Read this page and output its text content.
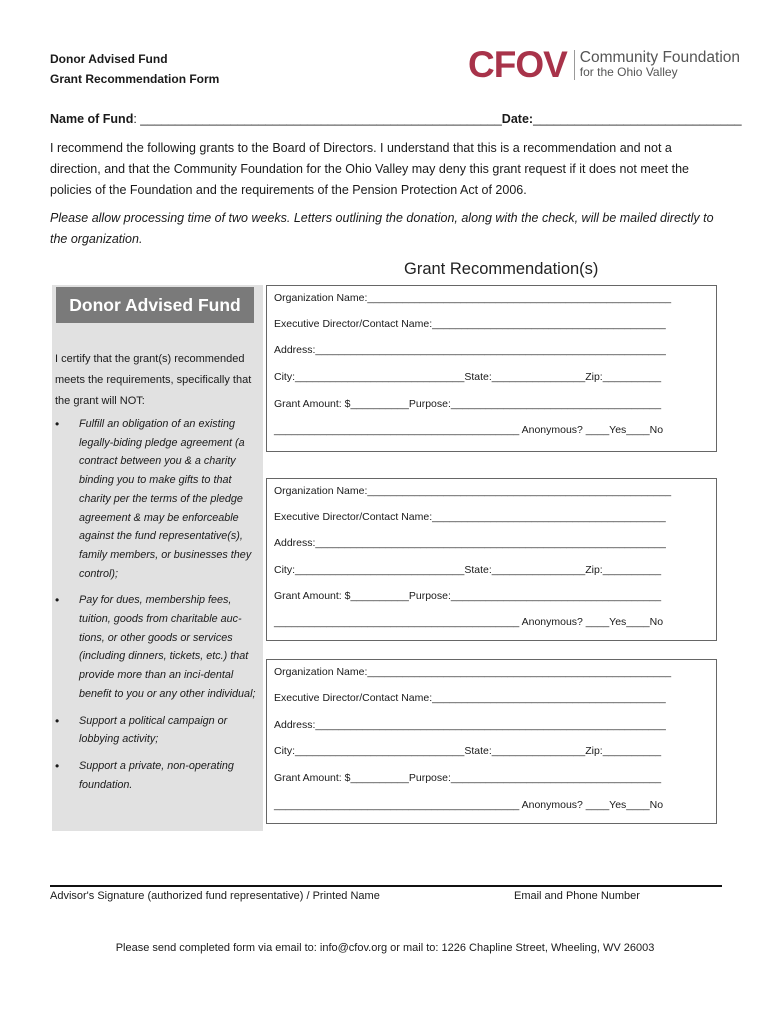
Donor Advised Fund
Grant Recommendation Form	CFOV Community Foundation
for the Ohio Valley
Name of Fund: ____________________________________________________Date:______________________________
I recommend the following grants to the Board of Directors. I understand that this is a recommendation and not a direction, and that the Community Foundation for the Ohio Valley may deny this grant request if it does not meet the policies of the Foundation and the requirements of the Pension Protection Act of 2006.
Please allow processing time of two weeks. Letters outlining the donation, along with the check, will be mailed directly to the organization.
Grant Recommendation(s)
Donor Advised Fund
I certify that the grant(s) recommended meets the requirements, specifically that the grant will NOT:
• Fulfill an obligation of an existing legally-biding pledge agreement (a contract between you & a charity binding you to make gifts to that charity per the terms of the pledge agreement & may be enforceable against the fund representative(s), family members, or businesses they control);
• Pay for dues, membership fees, tuition, goods from charitable auc-tions, or other goods or services (including dinners, tickets, etc.) that provide more than an inci-dental benefit to you or any other individual;
• Support a political campaign or lobbying activity;
• Support a private, non-operating foundation.
Organization Name:____________________________________________________
Executive Director/Contact Name:________________________________________
Address:____________________________________________________________
City:_____________________________State:________________Zip:__________
Grant Amount: $__________Purpose:____________________________________
__________________________________________ Anonymous? ____Yes____No
Organization Name:____________________________________________________
Executive Director/Contact Name:________________________________________
Address:____________________________________________________________
City:_____________________________State:________________Zip:__________
Grant Amount: $__________Purpose:____________________________________
__________________________________________ Anonymous? ____Yes____No
Organization Name:____________________________________________________
Executive Director/Contact Name:________________________________________
Address:____________________________________________________________
City:_____________________________State:________________Zip:__________
Grant Amount: $__________Purpose:____________________________________
__________________________________________ Anonymous? ____Yes____No
Advisor's Signature (authorized fund representative) / Printed Name	Email and Phone Number
Please send completed form via email to: info@cfov.org or mail to: 1226 Chapline Street, Wheeling, WV 26003
